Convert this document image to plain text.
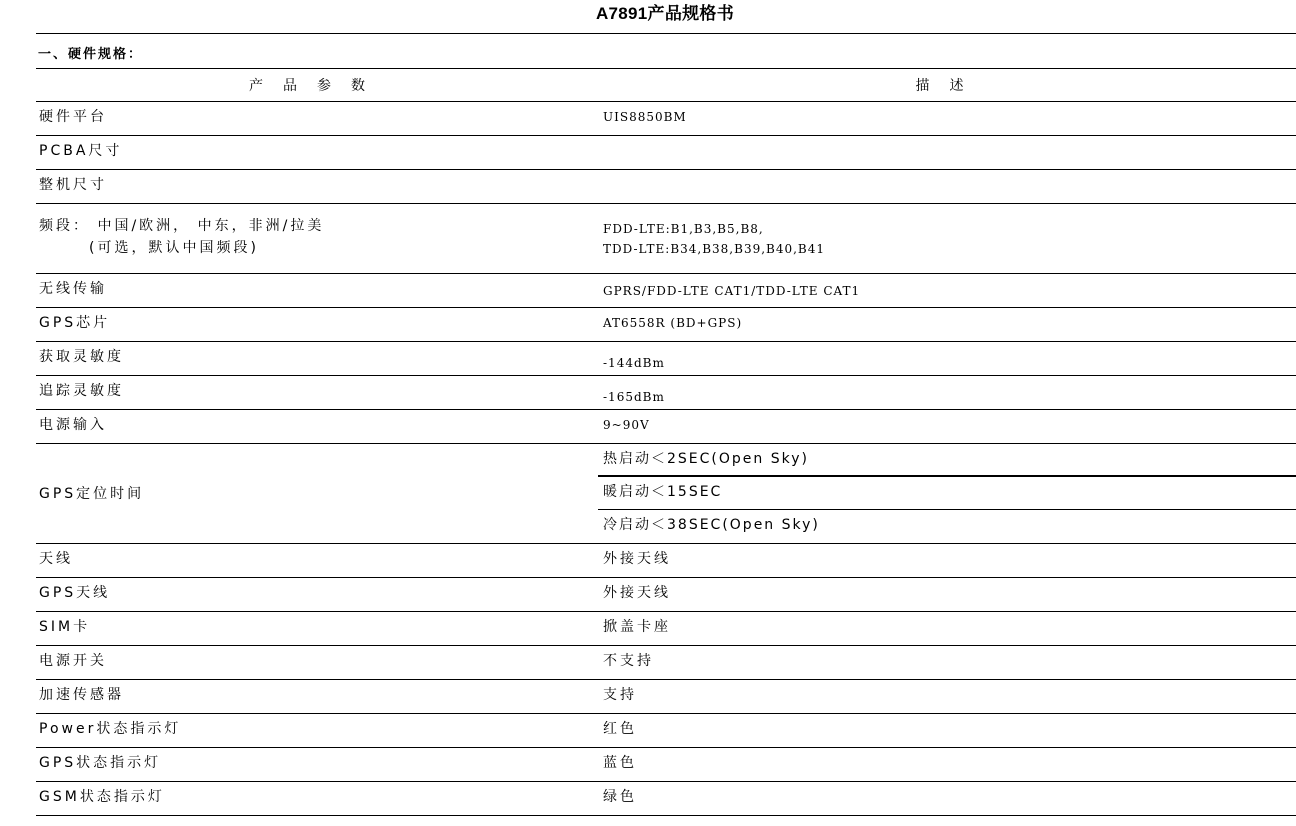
A7891产品规格书
一、硬件规格：
产品参数	描述

硬件平台	UIS8850BM

PCBA尺寸	

整机尺寸	

频段： 中国/欧洲， 中东，非洲/拉美
(可选，默认中国频段)	FDD-LTE:B1,B3,B5,B8,
TDD-LTE:B34,B38,B39,B40,B41

无线传输	GPRS/FDD-LTE CAT1/TDD-LTE CAT1

GPS芯片	AT6558R (BD+GPS)

获取灵敏度	-144dBm

追踪灵敏度	-165dBm

电源输入	9~90V

GPS定位时间	热启动＜2SEC(Open Sky)
暖启动＜15SEC
冷启动＜38SEC(Open Sky)

天线	外接天线

GPS天线	外接天线

SIM卡	掀盖卡座

电源开关	不支持

加速传感器	支持

Power状态指示灯	红色

GPS状态指示灯	蓝色

GSM状态指示灯	绿色
